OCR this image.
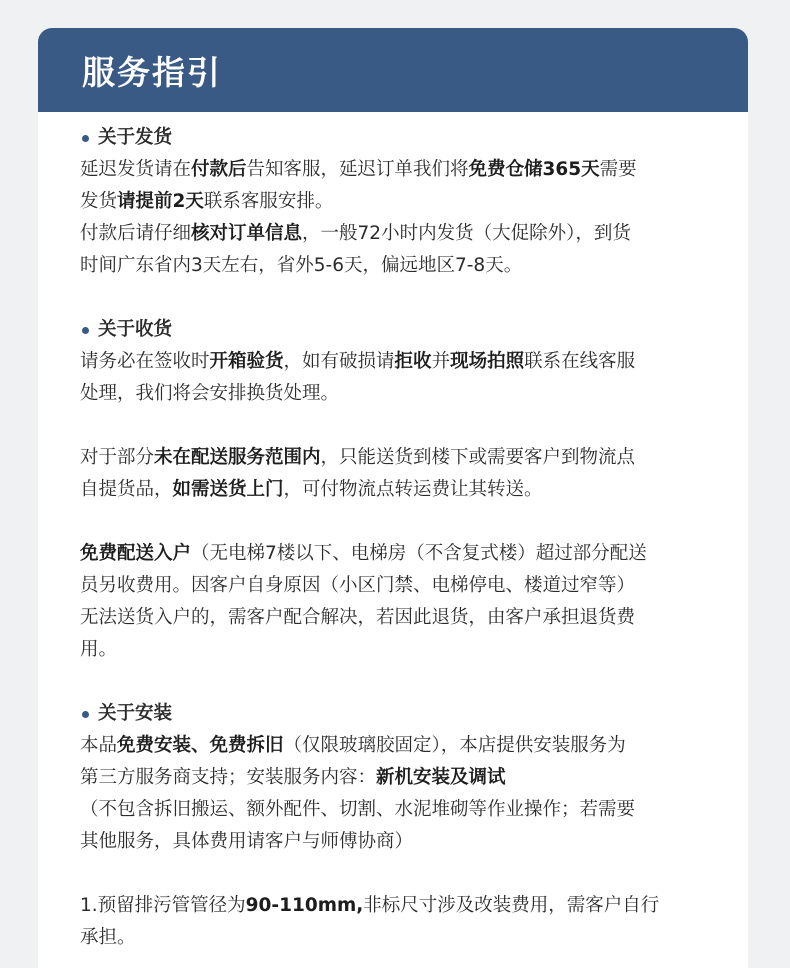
服务指引
关于发货
延迟发货请在付款后告知客服，延迟订单我们将免费仓储365天需要
发货请提前2天联系客服安排。
付款后请仔细核对订单信息，一般72小时内发货（大促除外），到货
时间广东省内3天左右，省外5-6天，偏远地区7-8天。
关于收货
请务必在签收时开箱验货，如有破损请拒收并现场拍照联系在线客服
处理，我们将会安排换货处理。
对于部分未在配送服务范围内，只能送货到楼下或需要客户到物流点
自提货品，如需送货上门，可付物流点转运费让其转送。
免费配送入户（无电梯7楼以下、电梯房（不含复式楼）超过部分配送
员另收费用。因客户自身原因（小区门禁、电梯停电、楼道过窄等）
无法送货入户的，需客户配合解决，若因此退货，由客户承担退货费
用。
关于安装
本品免费安装、免费拆旧（仅限玻璃胶固定），本店提供安装服务为
第三方服务商支持；安装服务内容：新机安装及调试
（不包含拆旧搬运、额外配件、切割、水泥堆砌等作业操作；若需要
其他服务，具体费用请客户与师傅协商）
1.预留排污管管径为90-110mm,非标尺寸涉及改装费用，需客户自行
承担。
